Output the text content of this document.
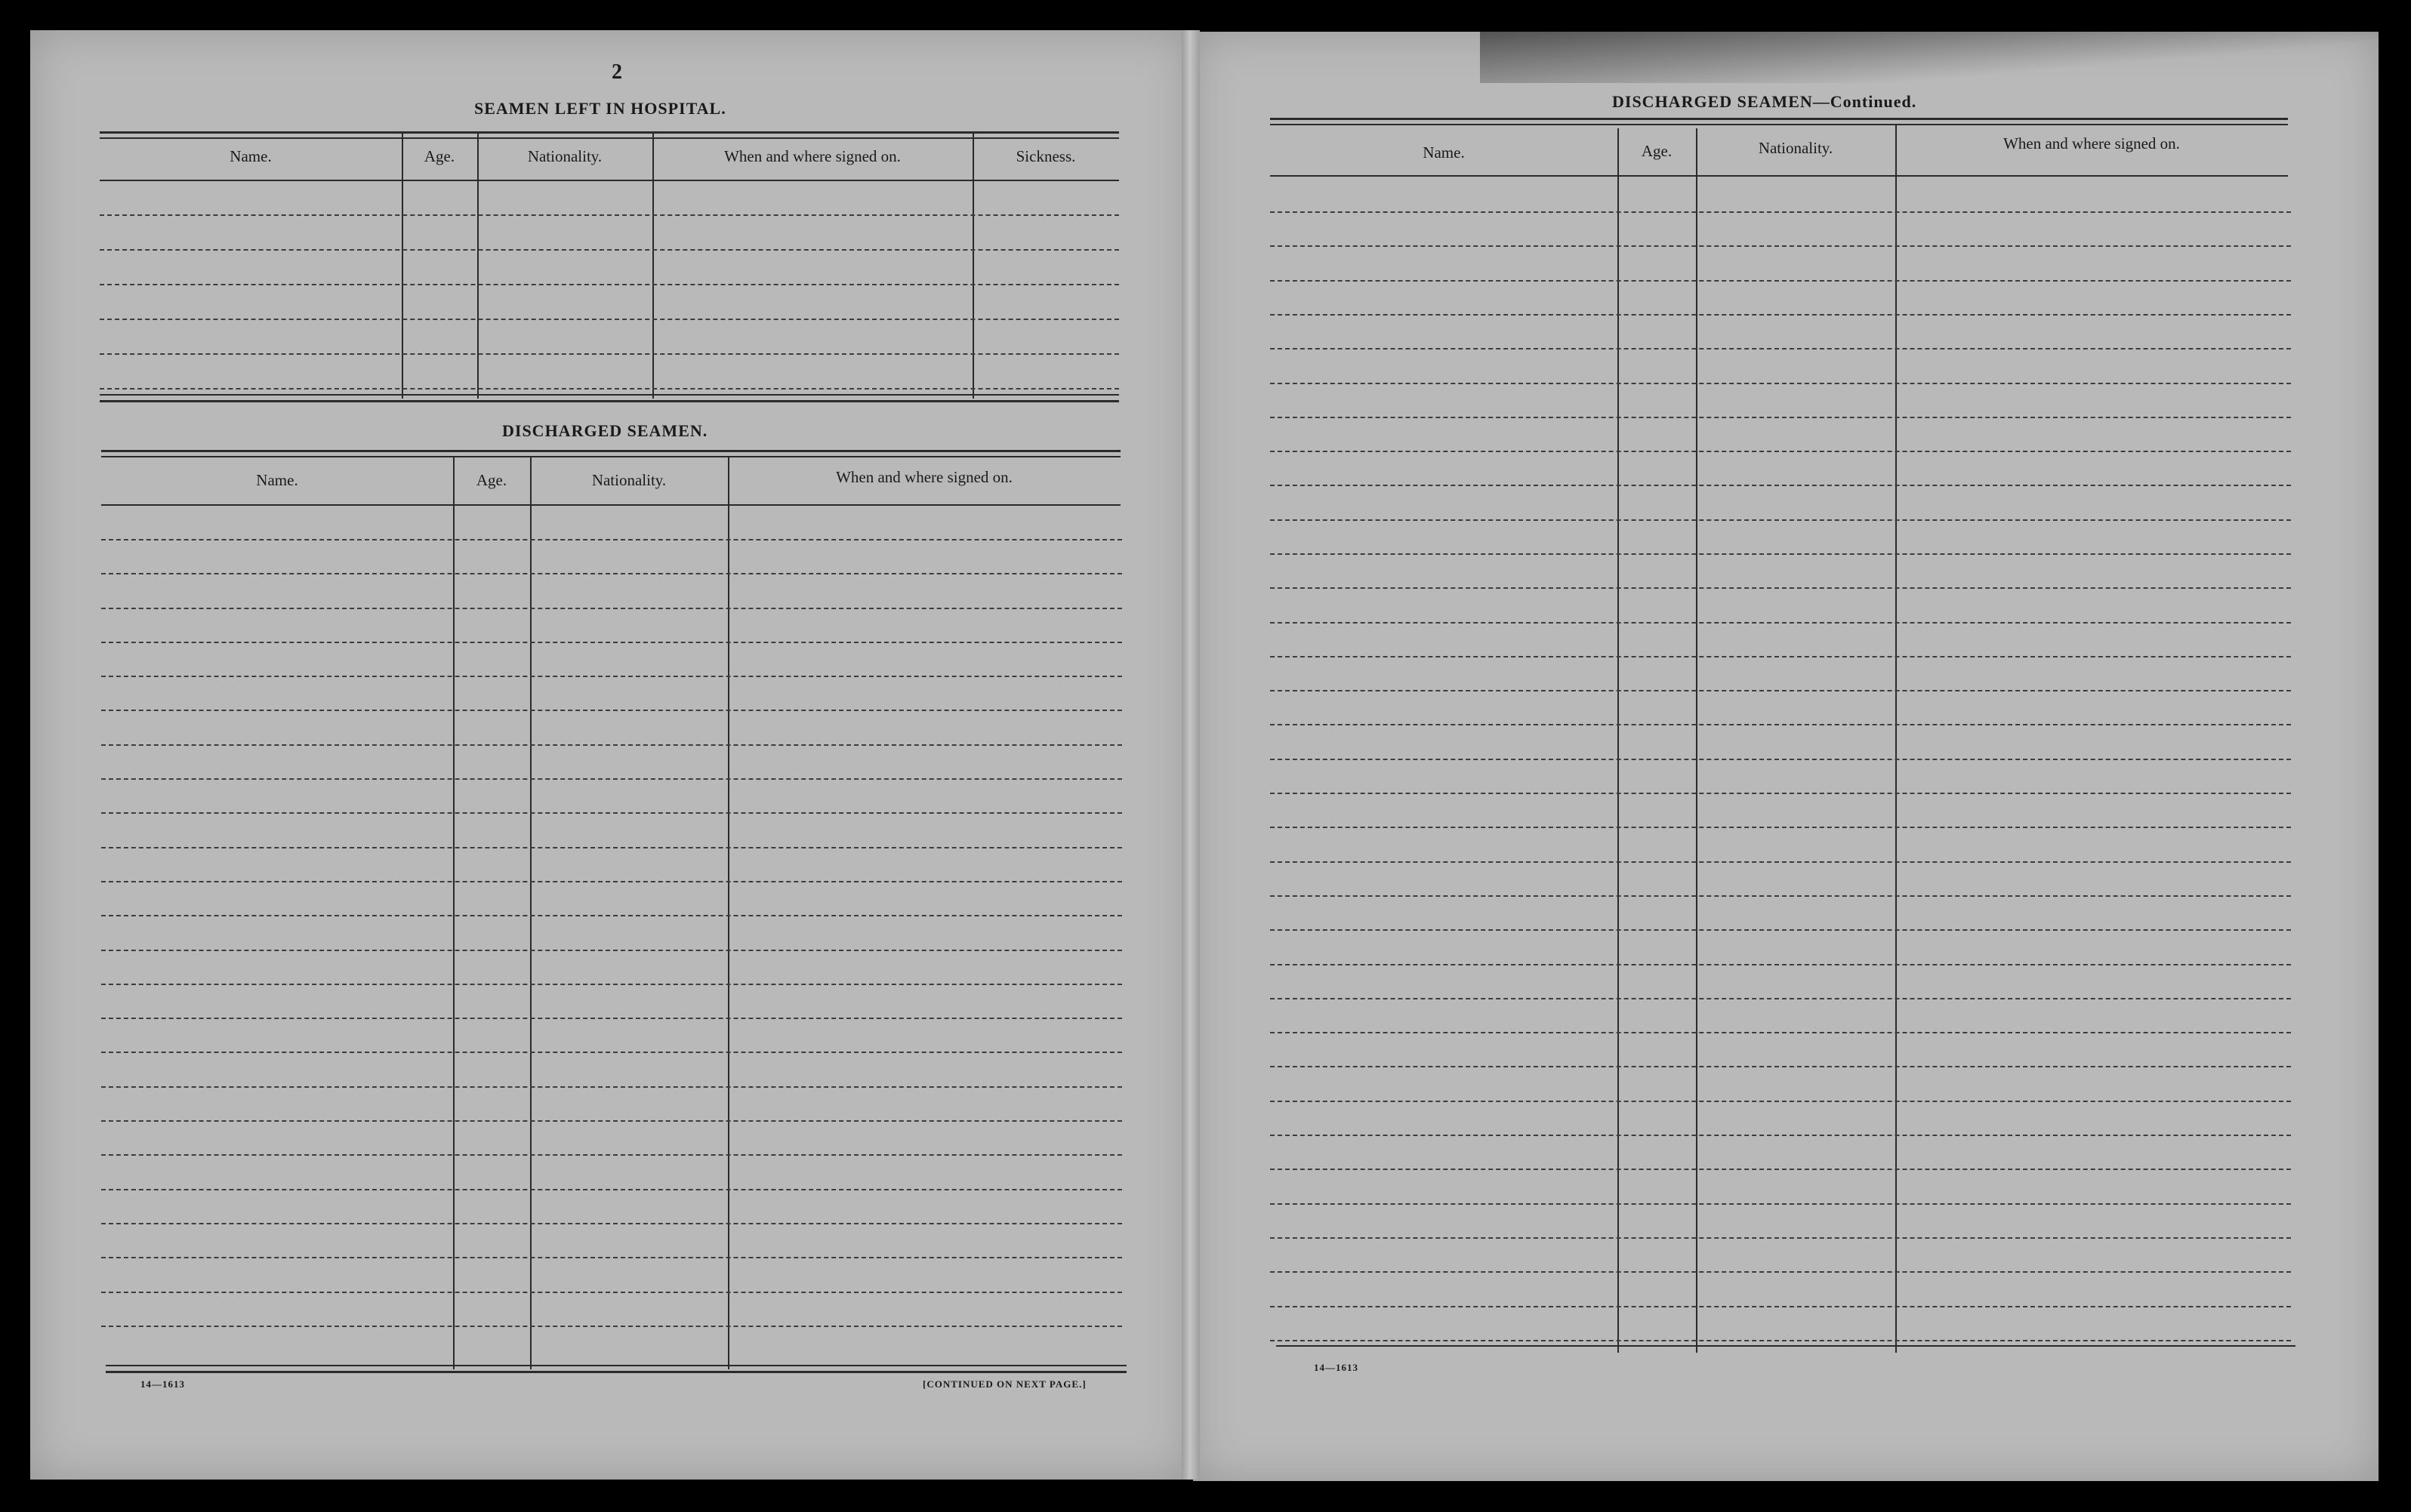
2
SEAMEN LEFT IN HOSPITAL.
Name.	Age.	Nationality.	When and where signed on.	Sickness.
DISCHARGED SEAMEN.
Name.	Age.	Nationality.	When and where signed on.
14—1613	[CONTINUED ON NEXT PAGE.]
DISCHARGED SEAMEN—Continued.
Name.	Age.	Nationality.	When and where signed on.
14—1613
